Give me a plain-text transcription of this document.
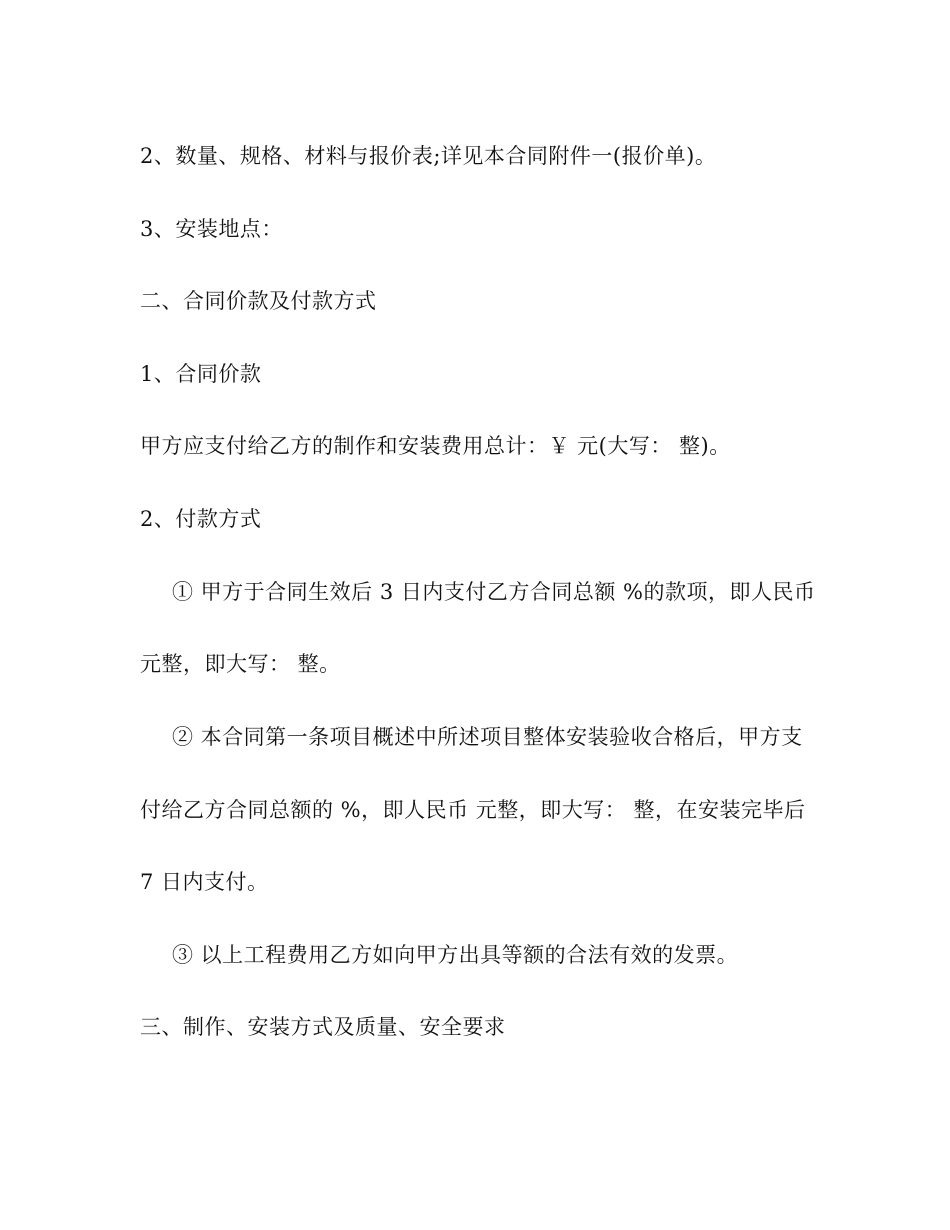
2、数量、规格、材料与报价表;详见本合同附件一(报价单)。
3、安装地点：
二、合同价款及付款方式
1、合同价款
甲方应支付给乙方的制作和安装费用总计：￥ 元(大写： 整)。
2、付款方式
① 甲方于合同生效后 3 日内支付乙方合同总额 %的款项，即人民币
元整，即大写： 整。
② 本合同第一条项目概述中所述项目整体安装验收合格后，甲方支
付给乙方合同总额的 %，即人民币 元整，即大写： 整，在安装完毕后
7 日内支付。
③ 以上工程费用乙方如向甲方出具等额的合法有效的发票。
三、制作、安装方式及质量、安全要求
